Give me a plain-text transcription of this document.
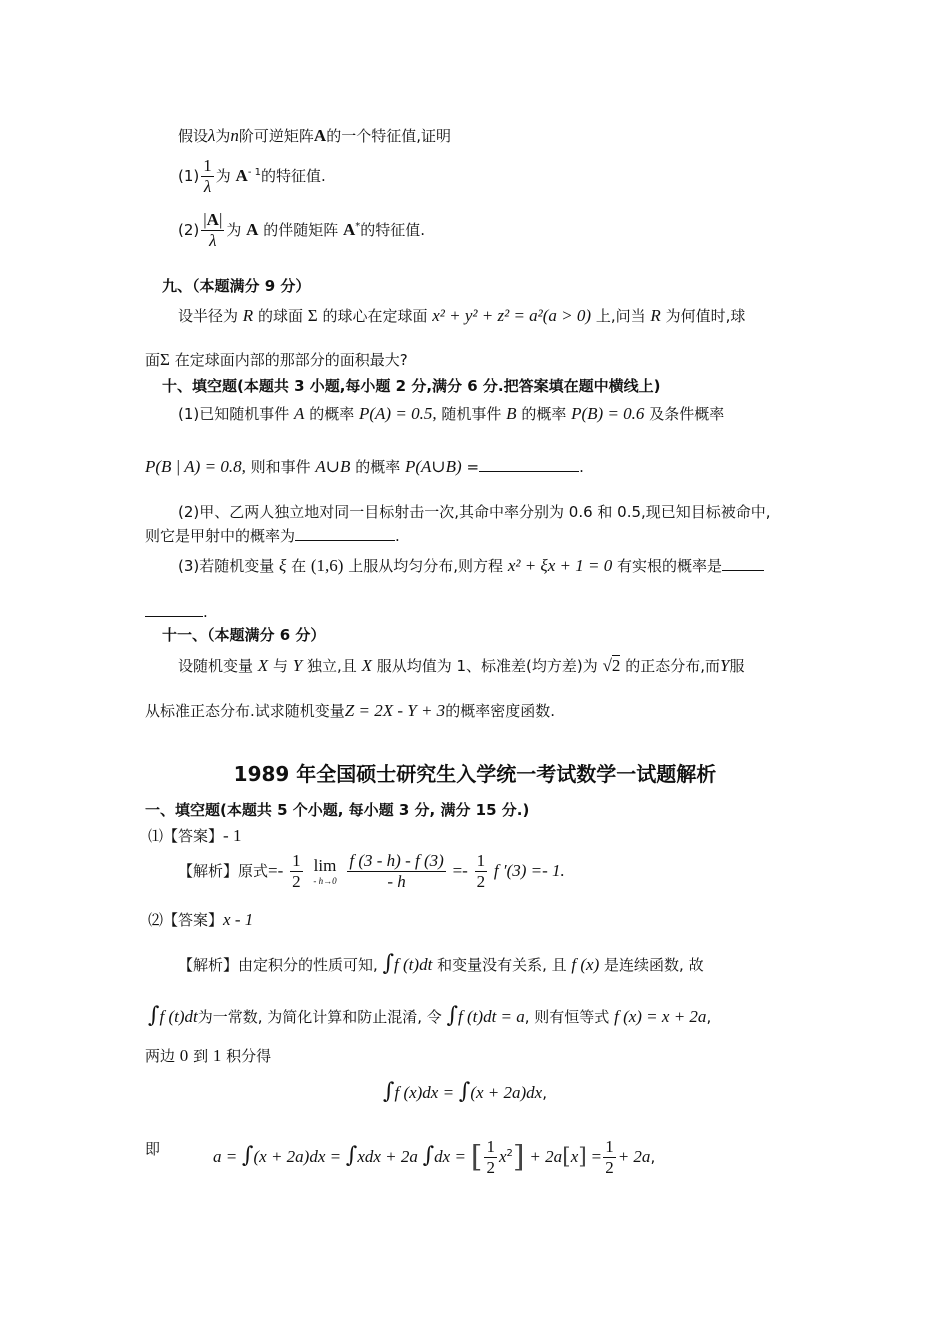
假设λ为n阶可逆矩阵A的一个特征值,证明
$(1) \frac{1}{\lambda}$ 为 $A^{- 1}$的特征值.
$(2) \frac{|A|}{\lambda}$ 为 A 的伴随矩阵 A*的特征值.
九、（本题满分 9 分）
设半径为 R 的球面 Σ 的球心在定球面 x² + y² + z² = a²(a > 0) 上,问当 R 为何值时,球
面Σ 在定球面内部的那部分的面积最大?
十、填空题(本题共 3 小题,每小题 2 分,满分 6 分.把答案填在题中横线上)
(1)已知随机事件 A 的概率 P(A) = 0.5, 随机事件 B 的概率 P(B) = 0.6 及条件概率
P(B | A) = 0.8, 则和事件 A∪B 的概率 P(A∪B) =	.
(2)甲、乙两人独立地对同一目标射击一次,其命中率分别为 0.6 和 0.5,现已知目标被命中,
则它是甲射中的概率为	.
(3)若随机变量 ξ 在 (1,6) 上服从均匀分布,则方程 x² + ξx + 1 = 0 有实根的概率是
.
十一、（本题满分 6 分）
设随机变量 X 与 Y 独立,且 X 服从均值为 1、标准差(均方差)为 √2 的正态分布,而Y服
从标准正态分布.试求随机变量Z = 2X - Y + 3的概率密度函数.
1989 年全国硕士研究生入学统一考试数学一试题解析
一、填空题(本题共 5 个小题, 每小题 3 分, 满分 15 分.)
⑴【答案】- 1
【解析】原式=- $\frac{1}{2}$
lim
- h→0
$\frac{f (3 - h) - f (3)}{- h} =- \frac{1}{2}$ f ′(3) =- 1.
⑵【答案】x - 1
【解析】由定积分的性质可知, ∫f (t)dt 和变量没有关系, 且 f (x) 是连续函数, 故
∫f (t)dt为一常数, 为简化计算和防止混淆, 令 ∫f (t)dt = a, 则有恒等式 f (x) = x + 2a,
两边 0 到 1 积分得
∫f (x)dx = ∫(x + 2a)dx,
即	a = ∫(x + 2a)dx = ∫xdx + 2a ∫dx = [ $\frac{1}{2} x^2] + 2a[x] = \frac{1}{2} + 2a$,
